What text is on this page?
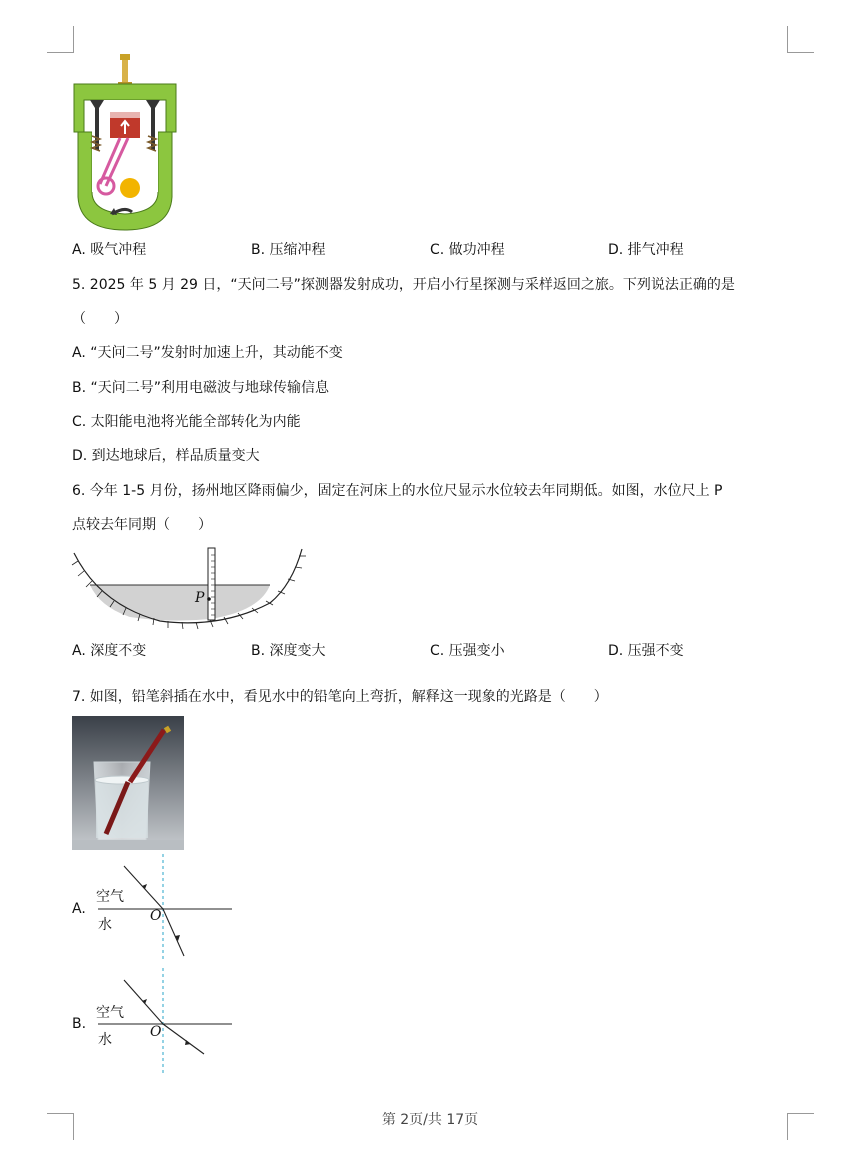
A. 吸气冲程	B. 压缩冲程	C. 做功冲程	D. 排气冲程
5. 2025 年 5 月 29 日，“天问二号”探测器发射成功，开启小行星探测与采样返回之旅。下列说法正确的是
（　　）
A. “天问二号”发射时加速上升，其动能不变
B. “天问二号”利用电磁波与地球传输信息
C. 太阳能电池将光能全部转化为内能
D. 到达地球后，样品质量变大
6. 今年 1-5 月份，扬州地区降雨偏少，固定在河床上的水位尺显示水位较去年同期低。如图，水位尺上 P
点较去年同期（　　）
P
A. 深度不变	B. 深度变大	C. 压强变小	D. 压强不变
7. 如图，铅笔斜插在水中，看见水中的铅笔向上弯折，解释这一现象的光路是（　　）
A.
空气
水
O
B.
空气
水	O
第 2页/共 17页
